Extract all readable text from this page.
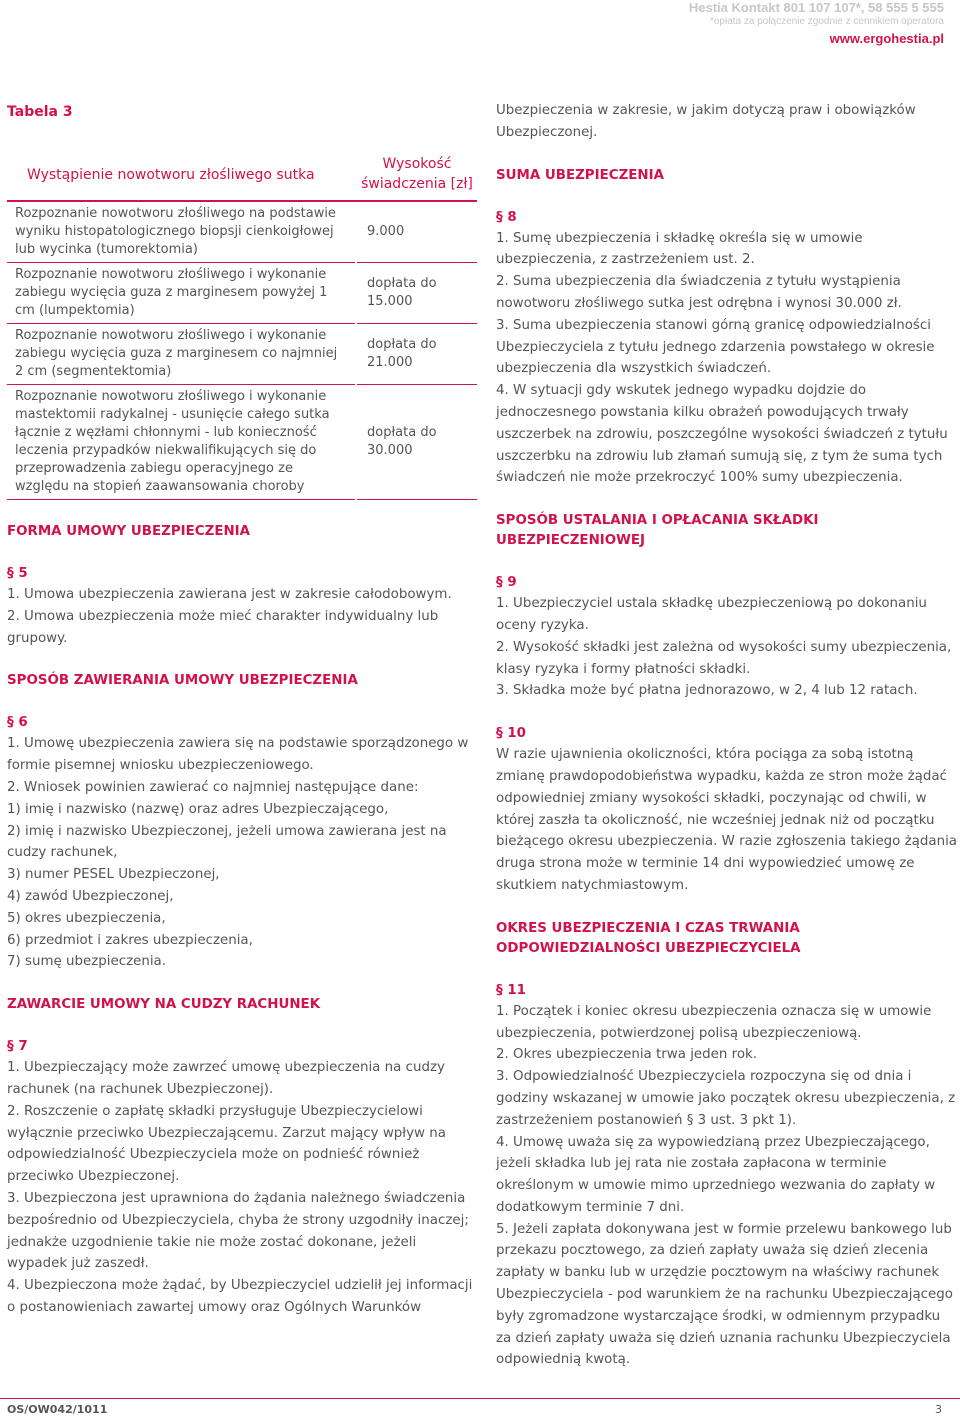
Hestia Kontakt 801 107 107*, 58 555 5 555
*opłata za połączenie zgodnie z cennikiem operatora
www.ergohestia.pl
Tabela 3
Wystąpienie nowotworu złośliwego sutka	Wysokość świadczenia [zł]
Rozpoznanie nowotworu złośliwego na podstawie wyniku histopatologicznego biopsji cienkoigłowej lub wycinka (tumorektomia)	9.000
Rozpoznanie nowotworu złośliwego i wykonanie zabiegu wycięcia guza z marginesem powyżej 1 cm (lumpektomia)	dopłata do 15.000
Rozpoznanie nowotworu złośliwego i wykonanie zabiegu wycięcia guza z marginesem co najmniej 2 cm (segmentektomia)	dopłata do 21.000
Rozpoznanie nowotworu złośliwego i wykonanie mastektomii radykalnej - usunięcie całego sutka łącznie z węzłami chłonnymi - lub konieczność leczenia przypadków niekwalifikujących się do przeprowadzenia zabiegu operacyjnego ze względu na stopień zaawansowania choroby	dopłata do 30.000
FORMA UMOWY UBEZPIECZENIA
§ 5

1. Umowa ubezpieczenia zawierana jest w zakresie całodobowym.

2. Umowa ubezpieczenia może mieć charakter indywidualny lub grupowy.

SPOSÓB ZAWIERANIA UMOWY UBEZPIECZENIA
§ 6

1. Umowę ubezpieczenia zawiera się na podstawie sporządzonego w formie pisemnej wniosku ubezpieczeniowego.

2. Wniosek powinien zawierać co najmniej następujące dane:

1) imię i nazwisko (nazwę) oraz adres Ubezpieczającego,

2) imię i nazwisko Ubezpieczonej, jeżeli umowa zawierana jest na cudzy rachunek,

3) numer PESEL Ubezpieczonej,

4) zawód Ubezpieczonej,

5) okres ubezpieczenia,

6) przedmiot i zakres ubezpieczenia,

7) sumę ubezpieczenia.

ZAWARCIE UMOWY NA CUDZY RACHUNEK
§ 7

1. Ubezpieczający może zawrzeć umowę ubezpieczenia na cudzy rachunek (na rachunek Ubezpieczonej).

2. Roszczenie o zapłatę składki przysługuje Ubezpieczycielowi wyłącznie przeciwko Ubezpieczającemu. Zarzut mający wpływ na odpowiedzialność Ubezpieczyciela może on podnieść również przeciwko Ubezpieczonej.

3. Ubezpieczona jest uprawniona do żądania należnego świadczenia bezpośrednio od Ubezpieczyciela, chyba że strony uzgodniły inaczej; jednakże uzgodnienie takie nie może zostać dokonane, jeżeli wypadek już zaszedł.

4. Ubezpieczona może żądać, by Ubezpieczyciel udzielił jej informacji o postanowieniach zawartej umowy oraz Ogólnych Warunków

Ubezpieczenia w zakresie, w jakim dotyczą praw i obowiązków Ubezpieczonej.

SUMA UBEZPIECZENIA
§ 8

1. Sumę ubezpieczenia i składkę określa się w umowie ubezpieczenia, z zastrzeżeniem ust. 2.

2. Suma ubezpieczenia dla świadczenia z tytułu wystąpienia nowotworu złośliwego sutka jest odrębna i wynosi 30.000 zł.

3. Suma ubezpieczenia stanowi górną granicę odpowiedzialności Ubezpieczyciela z tytułu jednego zdarzenia powstałego w okresie ubezpieczenia dla wszystkich świadczeń.

4. W sytuacji gdy wskutek jednego wypadku dojdzie do jednoczesnego powstania kilku obrażeń powodujących trwały uszczerbek na zdrowiu, poszczególne wysokości świadczeń z tytułu uszczerbku na zdrowiu lub złamań sumują się, z tym że suma tych świadczeń nie może przekroczyć 100% sumy ubezpieczenia.

SPOSÓB USTALANIA I OPŁACANIA SKŁADKI UBEZPIECZENIOWEJ
§ 9

1. Ubezpieczyciel ustala składkę ubezpieczeniową po dokonaniu oceny ryzyka.

2. Wysokość składki jest zależna od wysokości sumy ubezpieczenia, klasy ryzyka i formy płatności składki.

3. Składka może być płatna jednorazowo, w 2, 4 lub 12 ratach.

§ 10

W razie ujawnienia okoliczności, która pociąga za sobą istotną zmianę prawdopodobieństwa wypadku, każda ze stron może żądać odpowiedniej zmiany wysokości składki, poczynając od chwili, w której zaszła ta okoliczność, nie wcześniej jednak niż od początku bieżącego okresu ubezpieczenia. W razie zgłoszenia takiego żądania druga strona może w terminie 14 dni wypowiedzieć umowę ze skutkiem natychmiastowym.

OKRES UBEZPIECZENIA I CZAS TRWANIA ODPOWIEDZIALNOŚCI UBEZPIECZYCIELA
§ 11

1. Początek i koniec okresu ubezpieczenia oznacza się w umowie ubezpieczenia, potwierdzonej polisą ubezpieczeniową.

2. Okres ubezpieczenia trwa jeden rok.

3. Odpowiedzialność Ubezpieczyciela rozpoczyna się od dnia i godziny wskazanej w umowie jako początek okresu ubezpieczenia, z zastrzeżeniem postanowień § 3 ust. 3 pkt 1).

4. Umowę uważa się za wypowiedzianą przez Ubezpieczającego, jeżeli składka lub jej rata nie została zapłacona w terminie określonym w umowie mimo uprzedniego wezwania do zapłaty w dodatkowym terminie 7 dni.

5. Jeżeli zapłata dokonywana jest w formie przelewu bankowego lub przekazu pocztowego, za dzień zapłaty uważa się dzień zlecenia zapłaty w banku lub w urzędzie pocztowym na właściwy rachunek Ubezpieczyciela - pod warunkiem że na rachunku Ubezpieczającego były zgromadzone wystarczające środki, w odmiennym przypadku za dzień zapłaty uważa się dzień uznania rachunku Ubezpieczyciela odpowiednią kwotą.

OS/OW042/1011	3
